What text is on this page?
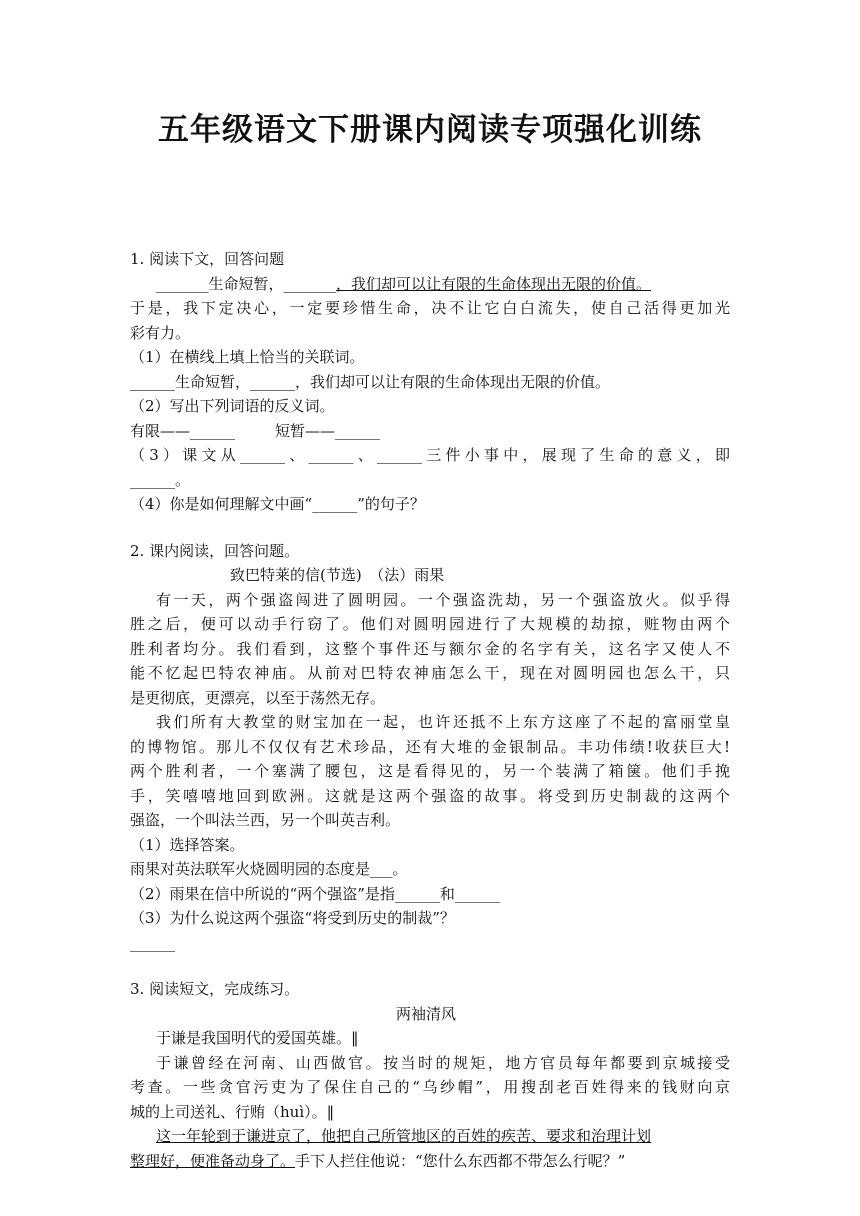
五年级语文下册课内阅读专项强化训练
1. 阅读下文，回答问题
_______生命短暂，_______，我们却可以让有限的生命体现出无限的价值。
于是，我下定决心，一定要珍惜生命，决不让它白白流失，使自己活得更加光
彩有力。
（1）在横线上填上恰当的关联词。
______生命短暂，______，我们却可以让有限的生命体现出无限的价值。
（2）写出下列词语的反义词。
有限——______	短暂——______
（3）课文从______、______、______三件小事中，展现了生命的意义，即
______。
（4）你是如何理解文中画“______”的句子？
2. 课内阅读，回答问题。
致巴特莱的信(节选)　（法）雨果
有一天，两个强盗闯进了圆明园。一个强盗洗劫，另一个强盗放火。似乎得
胜之后，便可以动手行窃了。他们对圆明园进行了大规模的劫掠，赃物由两个
胜利者均分。我们看到，这整个事件还与额尔金的名字有关，这名字又使人不
能不忆起巴特农神庙。从前对巴特农神庙怎么干，现在对圆明园也怎么干，只
是更彻底，更漂亮，以至于荡然无存。
我们所有大教堂的财宝加在一起，也许还抵不上东方这座了不起的富丽堂皇
的博物馆。那儿不仅仅有艺术珍品，还有大堆的金银制品。丰功伟绩!收获巨大!
两个胜利者，一个塞满了腰包，这是看得见的，另一个装满了箱箧。他们手挽
手，笑嘻嘻地回到欧洲。这就是这两个强盗的故事。将受到历史制裁的这两个
强盗，一个叫法兰西，另一个叫英吉利。
（1）选择答案。
雨果对英法联军火烧圆明园的态度是___。
（2）雨果在信中所说的“两个强盗”是指______和______
（3）为什么说这两个强盗“将受到历史的制裁”？
______
3. 阅读短文，完成练习。
两袖清风
于谦是我国明代的爱国英雄。‖
于谦曾经在河南、山西做官。按当时的规矩，地方官员每年都要到京城接受
考查。一些贪官污吏为了保住自己的“乌纱帽”，用搜刮老百姓得来的钱财向京
城的上司送礼、行贿（huì）。‖
这一年轮到于谦进京了，他把自己所管地区的百姓的疾苦、要求和治理计划
整理好，便准备动身了。手下人拦住他说：“您什么东西都不带怎么行呢？”
